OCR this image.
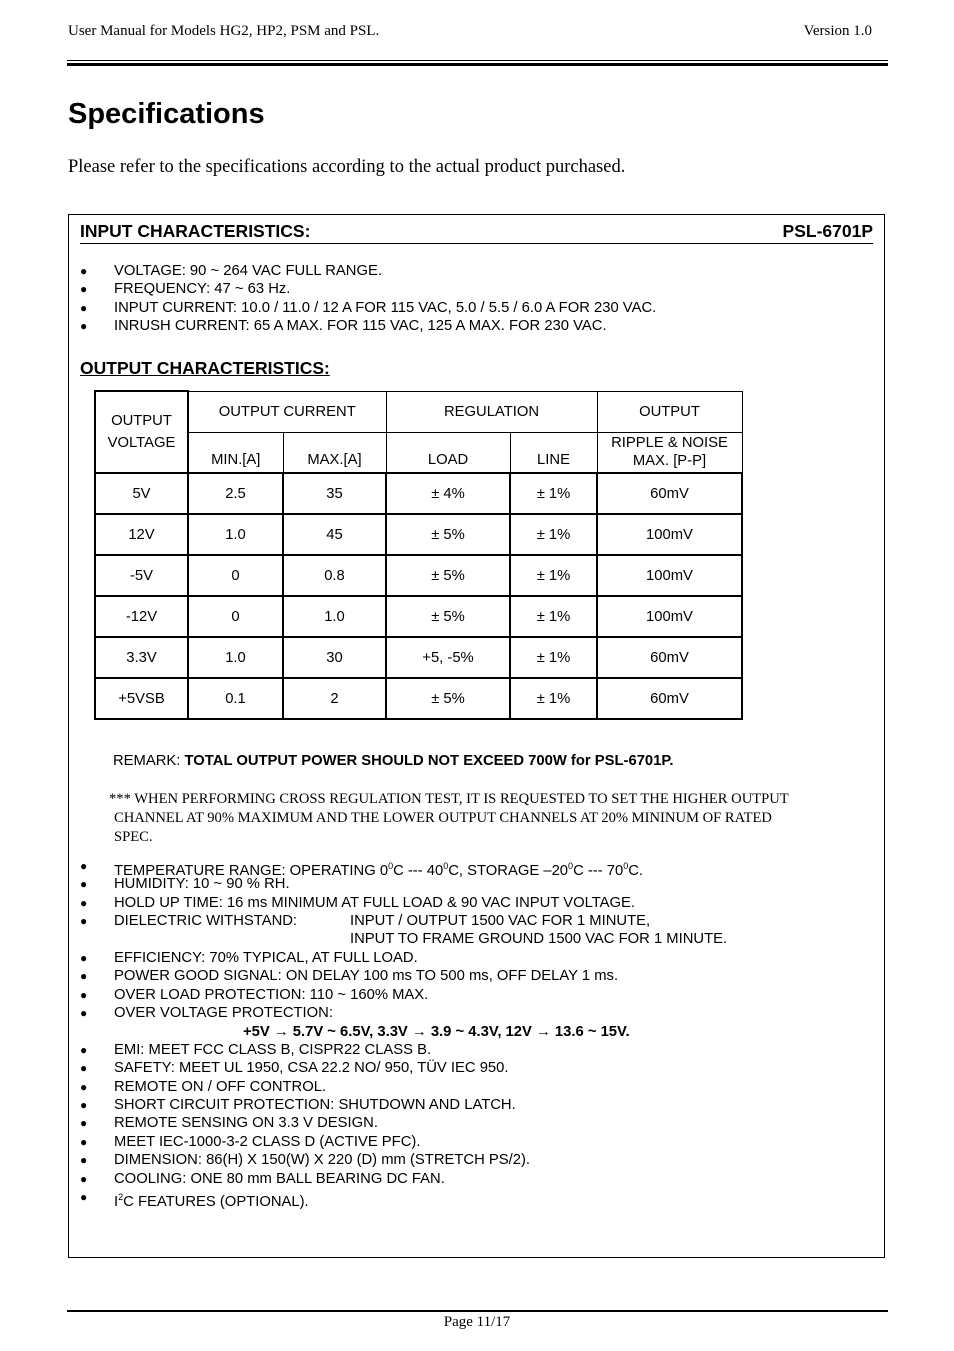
User Manual for Models HG2, HP2, PSM and PSL.	Version 1.0
Specifications
Please refer to the specifications according to the actual product purchased.
INPUT CHARACTERISTICS:	PSL-6701P
● VOLTAGE: 90 ~ 264 VAC FULL RANGE.
● FREQUENCY: 47 ~ 63 Hz.
● INPUT CURRENT: 10.0 / 11.0 / 12 A FOR 115 VAC, 5.0 / 5.5 / 6.0 A FOR 230 VAC.
● INRUSH CURRENT: 65 A MAX. FOR 115 VAC, 125 A MAX. FOR 230 VAC.
OUTPUT CHARACTERISTICS:
OUTPUT VOLTAGE	OUTPUT CURRENT		REGULATION		OUTPUT
	MIN.[A]	MAX.[A]	LOAD	LINE	RIPPLE & NOISE MAX. [P-P]
5V	2.5	35	± 4%	± 1%	60mV
12V	1.0	45	± 5%	± 1%	100mV
-5V	0	0.8	± 5%	± 1%	100mV
-12V	0	1.0	± 5%	± 1%	100mV
3.3V	1.0	30	+5, -5%	± 1%	60mV
+5VSB	0.1	2	± 5%	± 1%	60mV
REMARK: TOTAL OUTPUT POWER SHOULD NOT EXCEED 700W for PSL-6701P.
*** WHEN PERFORMING CROSS REGULATION TEST, IT IS REQUESTED TO SET THE HIGHER OUTPUT
CHANNEL AT 90% MAXIMUM AND THE LOWER OUTPUT CHANNELS AT 20% MININUM OF RATED
SPEC.
● TEMPERATURE RANGE: OPERATING $0^0C$ --- $40^0C$, STORAGE $-20^0C$ --- $70^0C$.
● HUMIDITY: 10 ~ 90 % RH.
● HOLD UP TIME: 16 ms MINIMUM AT FULL LOAD & 90 VAC INPUT VOLTAGE.
● DIELECTRIC WITHSTAND:	INPUT / OUTPUT 1500 VAC FOR 1 MINUTE,
● EFFICIENCY: 70% TYPICAL, AT FULL LOAD.
● POWER GOOD SIGNAL: ON DELAY 100 ms TO 500 ms, OFF DELAY 1 ms.
● OVER LOAD PROTECTION: 110 ~ 160% MAX.
● OVER VOLTAGE PROTECTION:
● EMI: MEET FCC CLASS B, CISPR22 CLASS B.
● SAFETY: MEET UL 1950, CSA 22.2 NO/ 950, TÜV IEC 950.
● REMOTE ON / OFF CONTROL.
● SHORT CIRCUIT PROTECTION: SHUTDOWN AND LATCH.
● REMOTE SENSING ON 3.3 V DESIGN.
● MEET IEC-1000-3-2 CLASS D (ACTIVE PFC).
● DIMENSION: 86(H) X 150(W) X 220 (D) mm (STRETCH PS/2).
● COOLING: ONE 80 mm BALL BEARING DC FAN.
● $I^2C$ FEATURES (OPTIONAL).
INPUT TO FRAME GROUND 1500 VAC FOR 1 MINUTE.
+5V → 5.7V ~ 6.5V, 3.3V → 3.9 ~ 4.3V, 12V → 13.6 ~ 15V.
Page 11/17
